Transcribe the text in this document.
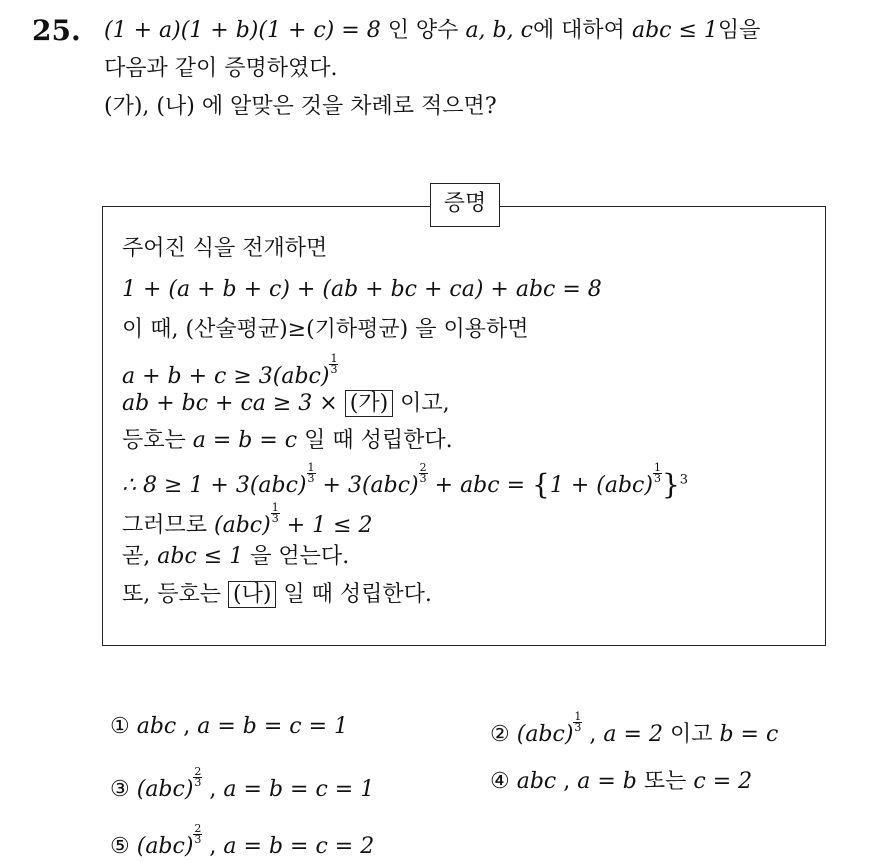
25. (1 + a)(1 + b)(1 + c) = 8 인 양수 a, b, c에 대하여 abc ≤ 1임을
다음과 같이 증명하였다.
(가), (나) 에 알맞은 것을 차례로 적으면?
증명
주어진 식을 전개하면
1 + (a + b + c) + (ab + bc + ca) + abc = 8
이 때, (산술평균)≥(기하평균) 을 이용하면
$a + b + c \ge 3(abc) \frac{1}{3}$
ab + bc + ca ≥ 3 × (가) 이고,
등호는 a = b = c 일 때 성립한다.
∴ $8 \ge 1 + 3(abc) \frac{1}{3} + 3(abc) \frac{2}{3}$ + abc = $\{1 + (abc) \frac{1}{3} \}^3$
그러므로 $(abc) \frac{1}{3} + 1 \le 2$
곧, abc ≤ 1 을 얻는다.
또, 등호는 (나) 일 때 성립한다.
① abc , a = b = c = 1	② $(abc) \frac{1}{3}$ , a = 2 이고 b = c
③ $(abc) \frac{2}{3}$ , a = b = c = 1	④ abc , a = b 또는 c = 2
⑤ $(abc) \frac{2}{3}$ , a = b = c = 2
